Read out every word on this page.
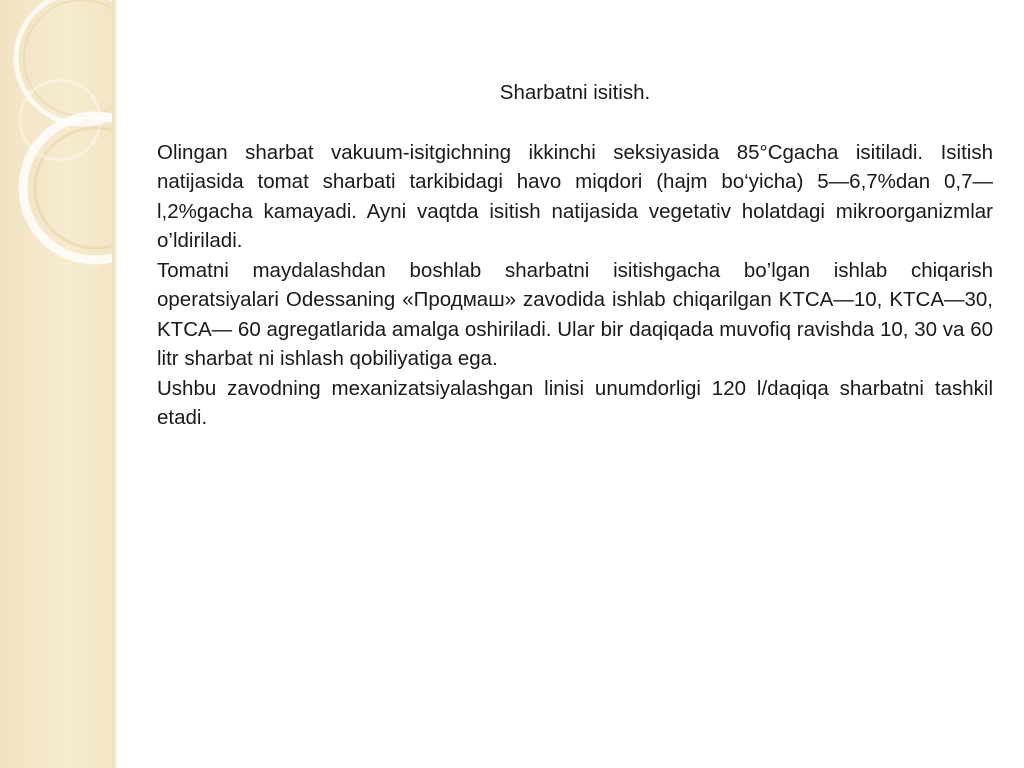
Sharbatni isitish.

Olingan sharbat vakuum-isitgichning ikkinchi seksiyasida 85°Cgacha isitiladi. Isitish natijasida tomat sharbati tarkibidagi havo miqdori (hajm bo‘yicha) 5—6,7%dan 0,7—l,2%gacha kamayadi. Ayni vaqtda isitish natijasida vegetativ holatdagi mikroorganizmlar o’ldiriladi.

Tomatni maydalashdan boshlab sharbatni isitishgacha bo’lgan ishlab chiqarish operatsiyalari Odessaning «Продмаш» zavodida ishlab chiqarilgan KTCA—10, KTCA—30, KTCA— 60 agregatlarida amalga oshiriladi. Ular bir daqiqada muvofiq ravishda 10, 30 va 60 litr sharbat ni ishlash qobiliyatiga ega.

Ushbu zavodning mexanizatsiyalashgan linisi unumdorligi 120 l/daqiqa sharbatni tashkil etadi.
